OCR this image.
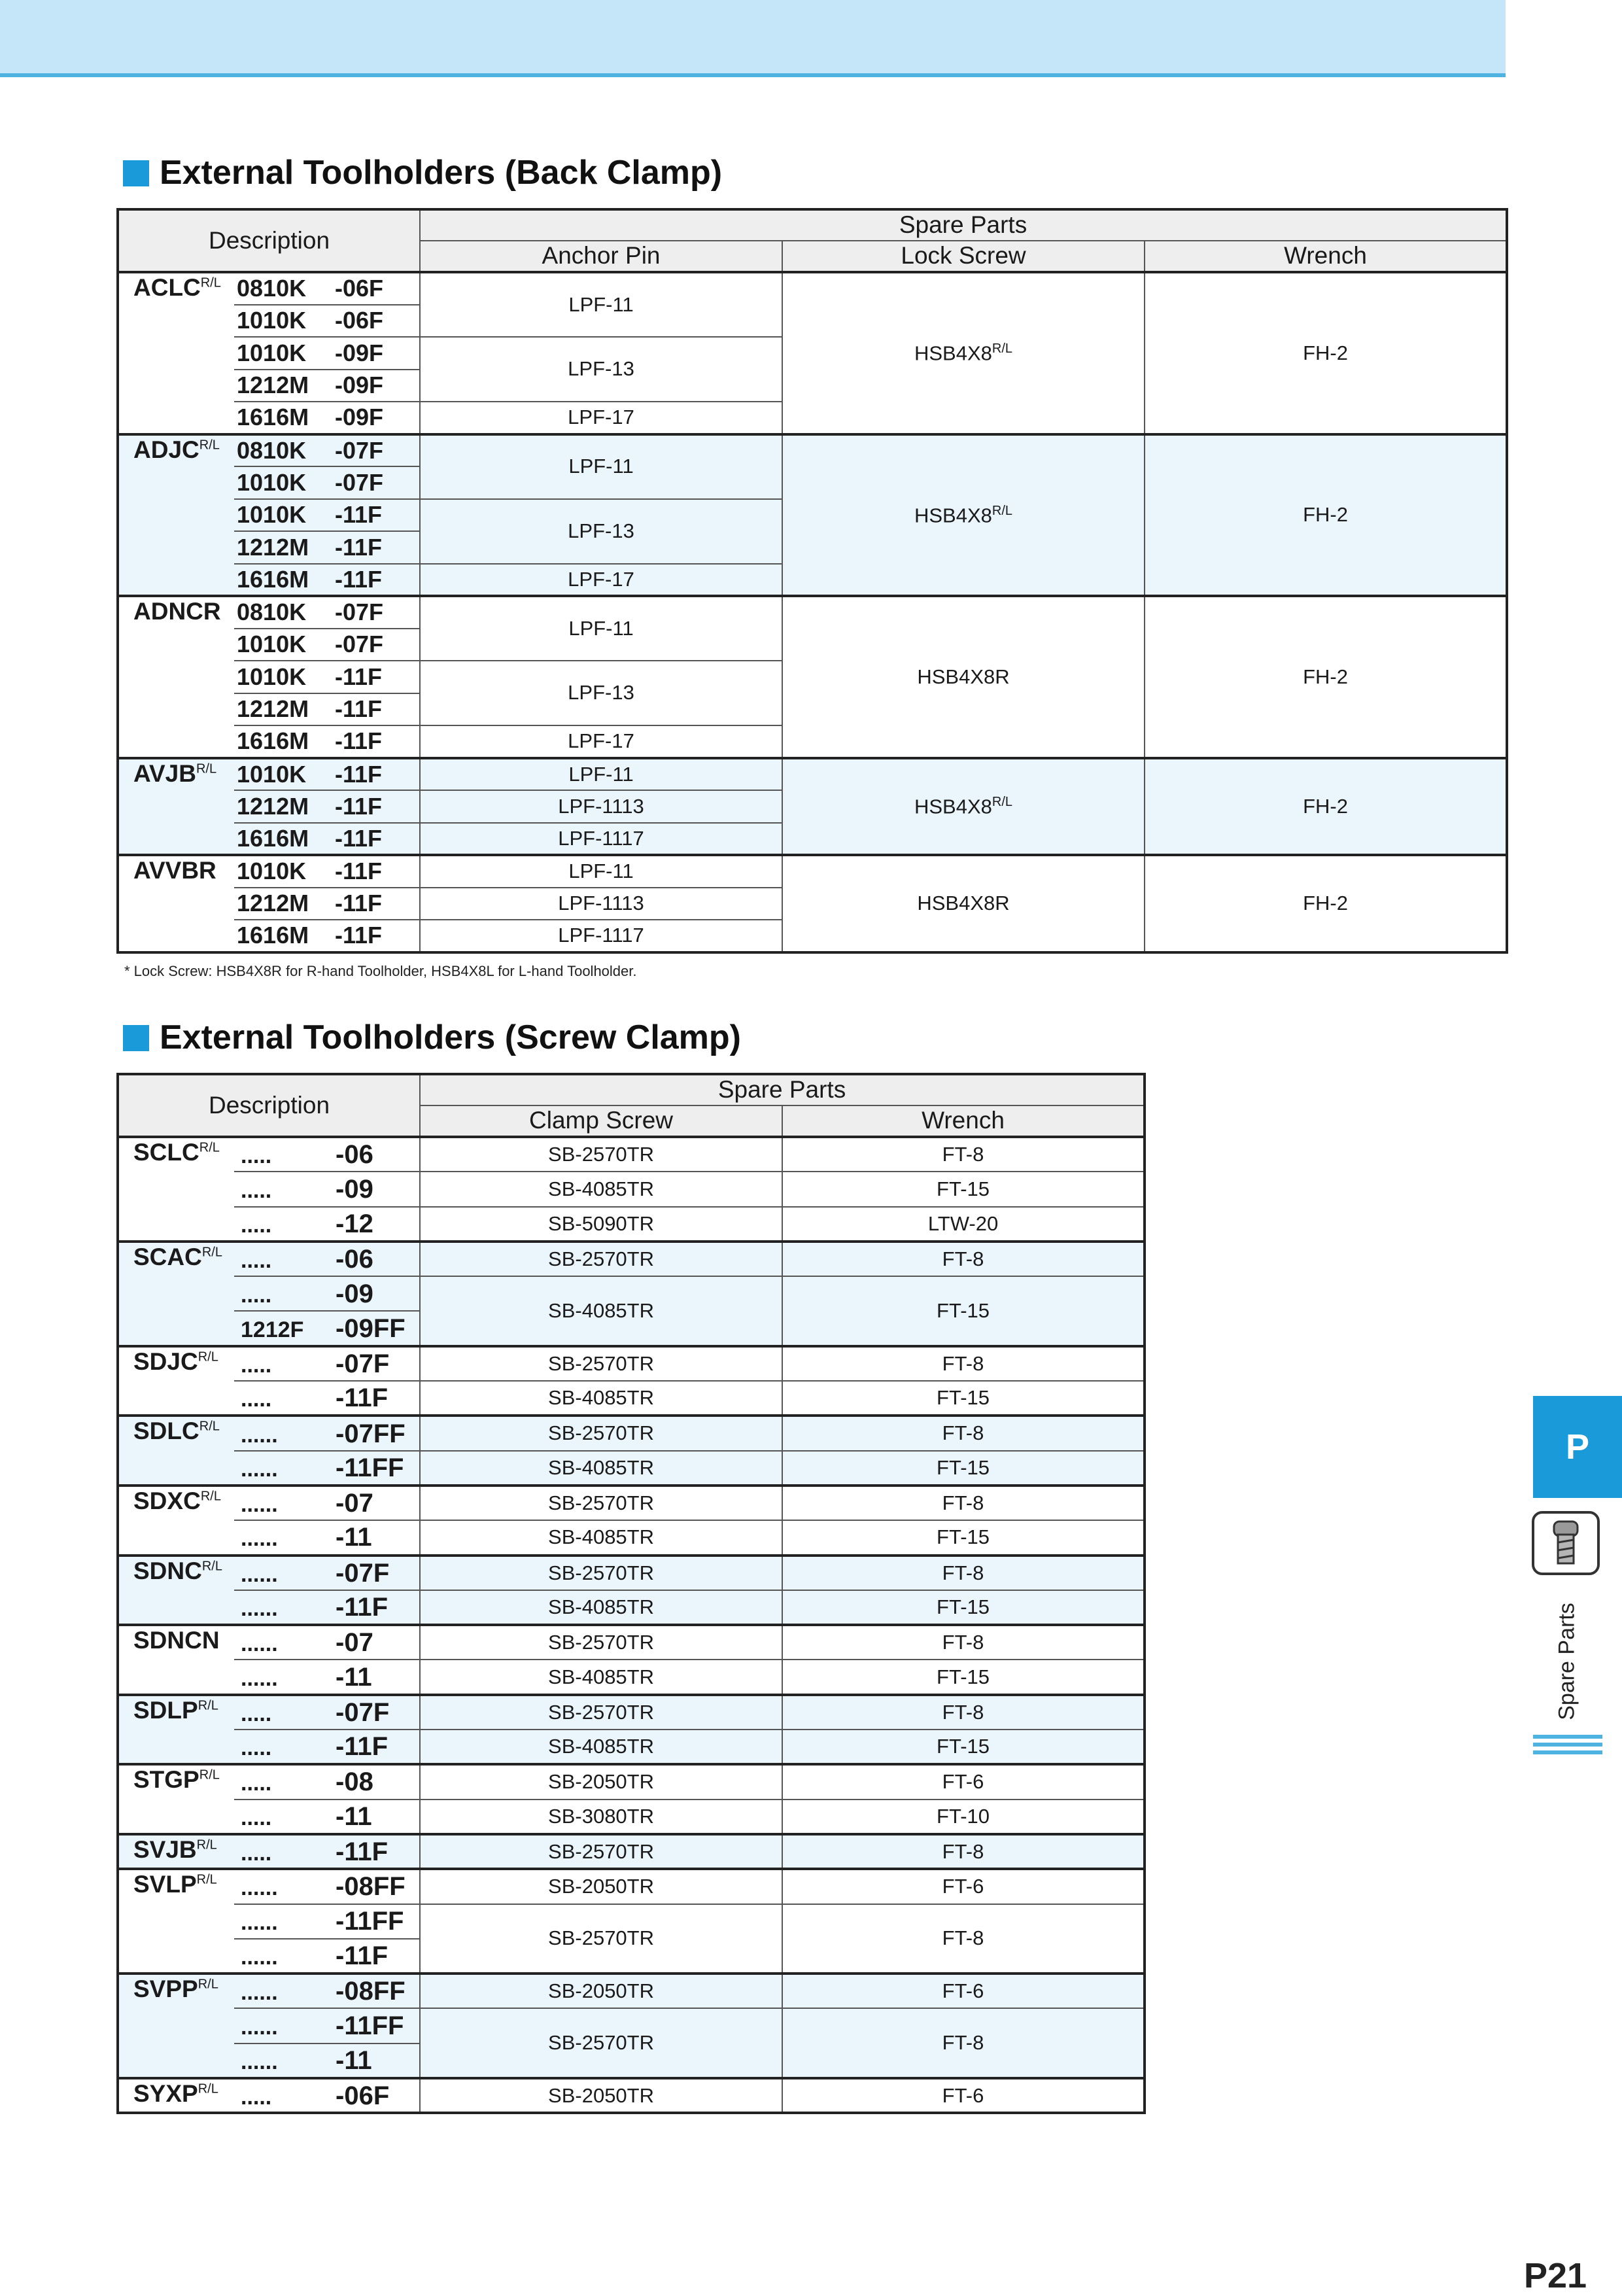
External Toolholders (Back Clamp)
Description		Spare Parts		
		Anchor Pin	Lock Screw	Wrench
$ACLC^{R/L}$	0810K -06F	LPF-11	$HSB4X8^{R/L}$	FH-2
	1010K -06F			
	1010K -09F	LPF-13		
	1212M -09F			
	1616M -09F	LPF-17		
$ADJC^{R/L}$	0810K -07F	LPF-11	$HSB4X8^{R/L}$	FH-2
	1010K -07F			
	1010K -11F	LPF-13		
	1212M -11F			
	1616M -11F	LPF-17		
ADNCR	0810K -07F	LPF-11	HSB4X8R	FH-2
	1010K -07F			
	1010K -11F	LPF-13		
	1212M -11F			
	1616M -11F	LPF-17		
$AVJB^{R/L}$	1010K -11F	LPF-11	$HSB4X8^{R/L}$	FH-2
	1212M -11F	LPF-1113		
	1616M -11F	LPF-1117		
AVVBR	1010K -11F	LPF-11	HSB4X8R	FH-2
	1212M -11F	LPF-1113		
	1616M -11F	LPF-1117		
* Lock Screw: HSB4X8R for R-hand Toolholder, HSB4X8L for L-hand Toolholder.
External Toolholders (Screw Clamp)
Description		Spare Parts	
		Clamp Screw	Wrench
$SCLC^{R/L}$	..... -06	SB-2570TR	FT-8
	..... -09	SB-4085TR	FT-15
	..... -12	SB-5090TR	LTW-20
$SCAC^{R/L}$	..... -06	SB-2570TR	FT-8
	..... -09	SB-4085TR	FT-15
	1212F -09FF		
$SDJC^{R/L}$	..... -07F	SB-2570TR	FT-8
	..... -11F	SB-4085TR	FT-15
$SDLC^{R/L}$	...... -07FF	SB-2570TR	FT-8
	...... -11FF	SB-4085TR	FT-15
$SDXC^{R/L}$	...... -07	SB-2570TR	FT-8
	...... -11	SB-4085TR	FT-15
$SDNC^{R/L}$	...... -07F	SB-2570TR	FT-8
	...... -11F	SB-4085TR	FT-15
SDNCN	...... -07	SB-2570TR	FT-8
	...... -11	SB-4085TR	FT-15
$SDLP^{R/L}$	..... -07F	SB-2570TR	FT-8
	..... -11F	SB-4085TR	FT-15
$STGP^{R/L}$	..... -08	SB-2050TR	FT-6
	..... -11	SB-3080TR	FT-10
$SVJB^{R/L}$	..... -11F	SB-2570TR	FT-8
$SVLP^{R/L}$	...... -08FF	SB-2050TR	FT-6
	...... -11FF	SB-2570TR	FT-8
	...... -11F		
$SVPP^{R/L}$	...... -08FF	SB-2050TR	FT-6
	...... -11FF	SB-2570TR	FT-8
	...... -11		
$SYXP^{R/L}$	..... -06F	SB-2050TR	FT-6
P
Spare Parts
P21
